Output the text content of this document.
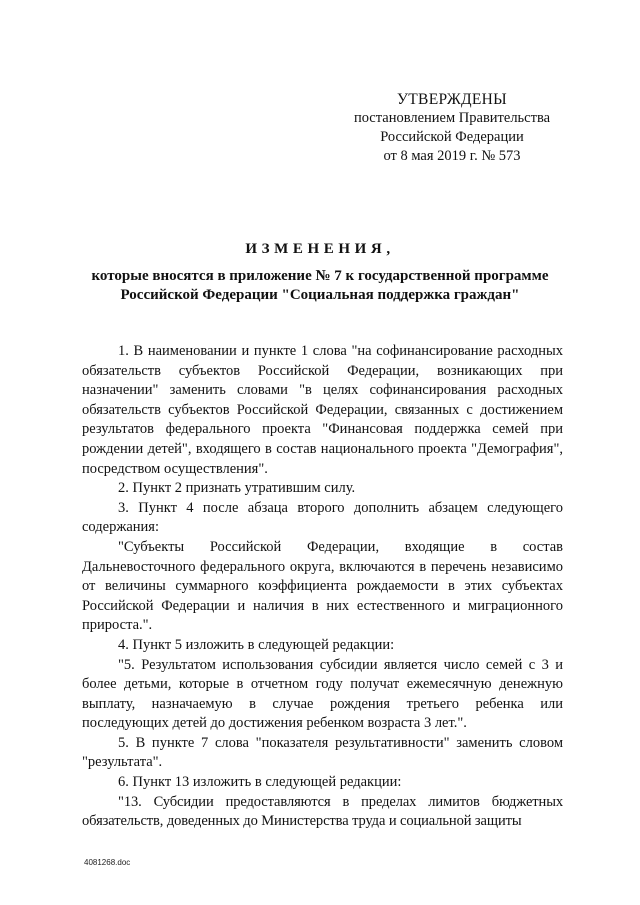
УТВЕРЖДЕНЫ
постановлением Правительства
Российской Федерации
от 8 мая 2019 г. № 573
ИЗМЕНЕНИЯ,
которые вносятся в приложение № 7 к государственной программе
Российской Федерации "Социальная поддержка граждан"

1. В наименовании и пункте 1 слова "на софинансирование расходных обязательств субъектов Российской Федерации, возникающих при назначении" заменить словами "в целях софинансирования расходных обязательств субъектов Российской Федерации, связанных с достижением результатов федерального проекта "Финансовая поддержка семей при рождении детей", входящего в состав национального проекта "Демография", посредством осуществления".

2. Пункт 2 признать утратившим силу.

3. Пункт 4 после абзаца второго дополнить абзацем следующего содержания:

"Субъекты Российской Федерации, входящие в состав Дальневосточного федерального округа, включаются в перечень независимо от величины суммарного коэффициента рождаемости в этих субъектах Российской Федерации и наличия в них естественного и миграционного прироста.".

4. Пункт 5 изложить в следующей редакции:

"5. Результатом использования субсидии является число семей с 3 и более детьми, которые в отчетном году получат ежемесячную денежную выплату, назначаемую в случае рождения третьего ребенка или последующих детей до достижения ребенком возраста 3 лет.".

5. В пункте 7 слова "показателя результативности" заменить словом "результата".

6. Пункт 13 изложить в следующей редакции:

"13. Субсидии предоставляются в пределах лимитов бюджетных обязательств, доведенных до Министерства труда и социальной защиты

4081268.doc
